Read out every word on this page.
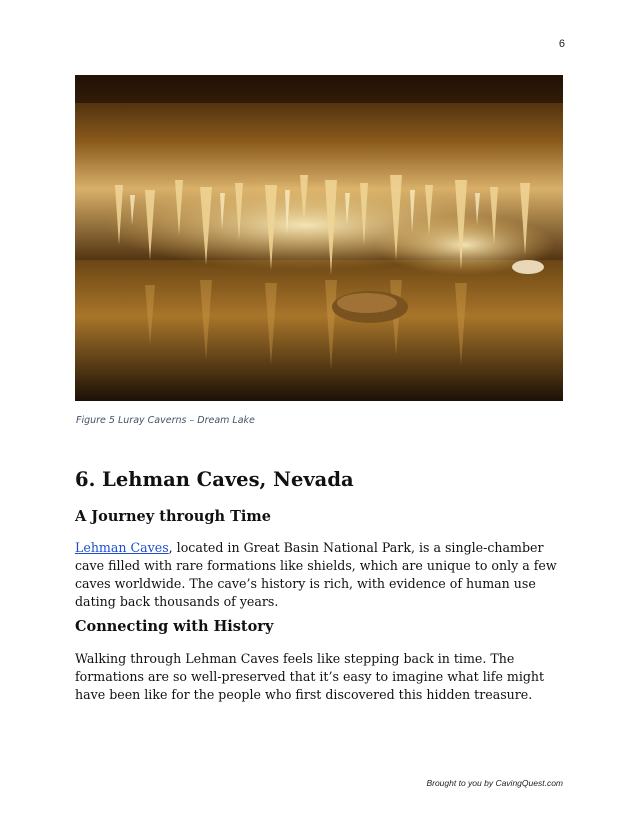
6
Figure 5 Luray Caverns – Dream Lake
6. Lehman Caves, Nevada
A Journey through Time

Lehman Caves, located in Great Basin National Park, is a single-chamber cave filled with rare formations like shields, which are unique to only a few caves worldwide. The cave’s history is rich, with evidence of human use dating back thousands of years.

Connecting with History

Walking through Lehman Caves feels like stepping back in time. The formations are so well-preserved that it’s easy to imagine what life might have been like for the people who first discovered this hidden treasure.

Brought to you by CavingQuest.com
